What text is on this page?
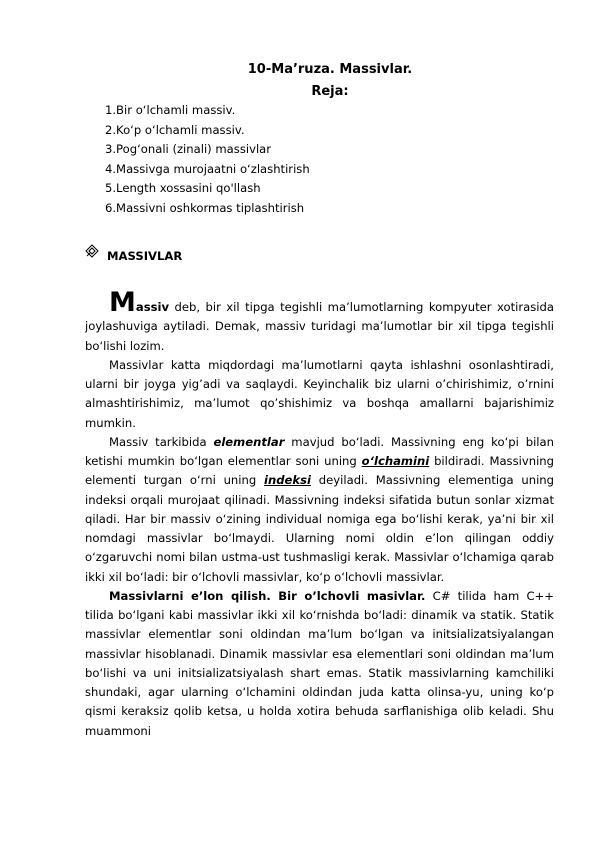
10-Ma’ruza. Massivlar.
Reja:
1.Bir o‘lchamli massiv.
2.Ko‘p o‘lchamli massiv.
3.Pog‘onali (zinali) massivlar
4.Massivga murojaatni o‘zlashtirish
5.Length xossasini qo'llash
6.Massivni oshkormas tiplashtirish
MASSIVLAR

Massiv deb, bir xil tipga tegishli ma’lumotlarning kompyuter xotirasida joylashuviga aytiladi. Demak, massiv turidagi ma’lumotlar bir xil tipga tegishli bo‘lishi lozim.

Massivlar katta miqdordagi ma’lumotlarni qayta ishlashni osonlashtiradi, ularni bir joyga yig’adi va saqlaydi. Keyinchalik biz ularni o’chirishimiz, o’rnini almashtirishimiz, ma’lumot qo’shishimiz va boshqa amallarni bajarishimiz mumkin.

Massiv tarkibida elementlar mavjud bo‘ladi. Massivning eng ko‘pi bilan ketishi mumkin bo‘lgan elementlar soni uning o‘lchamini bildiradi. Massivning elementi turgan o‘rni uning indeksi deyiladi. Massivning elementiga uning indeksi orqali murojaat qilinadi. Massivning indeksi sifatida butun sonlar xizmat qiladi. Har bir massiv o‘zining individual nomiga ega bo‘lishi kerak, ya’ni bir xil nomdagi massivlar bo‘lmaydi. Ularning nomi oldin e’lon qilingan oddiy o‘zgaruvchi nomi bilan ustma-ust tushmasligi kerak. Massivlar o‘lchamiga qarab ikki xil bo‘ladi: bir o‘lchovli massivlar, ko‘p o‘lchovli massivlar.

Massivlarni e’lon qilish. Bir o’lchovli masivlar. C# tilida ham C++ tilida bo‘lgani kabi massivlar ikki xil ko‘rnishda bo‘ladi: dinamik va statik. Statik massivlar elementlar soni oldindan ma’lum bo‘lgan va initsializatsiyalangan massivlar hisoblanadi. Dinamik massivlar esa elementlari soni oldindan ma’lum bo‘lishi va uni initsializatsiyalash shart emas. Statik massivlarning kamchiliki shundaki, agar ularning o‘lchamini oldindan juda katta olinsa-yu, uning ko‘p qismi keraksiz qolib ketsa, u holda xotira behuda sarflanishiga olib keladi. Shu muammoni
